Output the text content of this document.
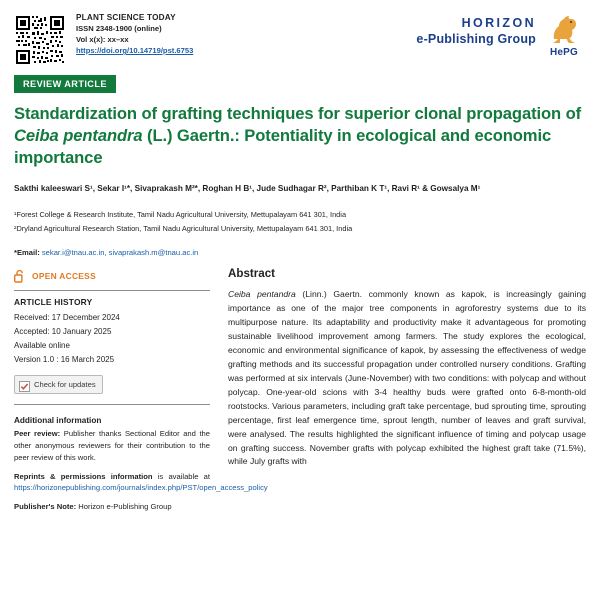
PLANT SCIENCE TODAY
ISSN 2348-1900 (online)
Vol x(x): xx–xx
https://doi.org/10.14719/pst.6753
HORIZON
e-Publishing Group
HePG
REVIEW ARTICLE
Standardization of grafting techniques for superior clonal propagation of Ceiba pentandra (L.) Gaertn.: Potentiality in ecological and economic importance
Sakthi kaleeswari S¹, Sekar I¹*, Sivaprakash M²*, Roghan H B¹, Jude Sudhagar R², Parthiban K T¹, Ravi R¹ & Gowsalya M¹
¹Forest College & Research Institute, Tamil Nadu Agricultural University, Mettupalayam 641 301, India
²Dryland Agricultural Research Station, Tamil Nadu Agricultural University, Mettupalayam 641 301, India
*Email: sekar.i@tnau.ac.in, sivaprakash.m@tnau.ac.in
OPEN ACCESS
ARTICLE HISTORY
Received: 17 December 2024
Accepted: 10 January 2025
Available online
Version 1.0 : 16 March 2025
Check for updates
Additional information
Peer review: Publisher thanks Sectional Editor and the other anonymous reviewers for their contribution to the peer review of this work.
Reprints & permissions information is available at https://horizonepublishing.com/journals/index.php/PST/open_access_policy
Publisher's Note: Horizon e-Publishing Group
Abstract
Ceiba pentandra (Linn.) Gaertn. commonly known as kapok, is increasingly gaining importance as one of the major tree components in agroforestry systems due to its multipurpose nature. Its adaptability and productivity make it advantageous for promoting sustainable livelihood improvement among farmers. The study explores the ecological, economic and environmental significance of kapok, by assessing the effectiveness of wedge grafting methods and its successful propagation under controlled nursery conditions. Grafting was performed at six intervals (June-November) with two conditions: with polycap and without polycap. One-year-old scions with 3-4 healthy buds were grafted onto 6-8-month-old rootstocks. Various parameters, including graft take percentage, bud sprouting time, sprouting percentage, first leaf emergence time, sprout length, number of leaves and graft survival, were analysed. The results highlighted the significant influence of timing and polycap usage on grafting success. November grafts with polycap exhibited the highest graft take (71.5%), while July grafts with
